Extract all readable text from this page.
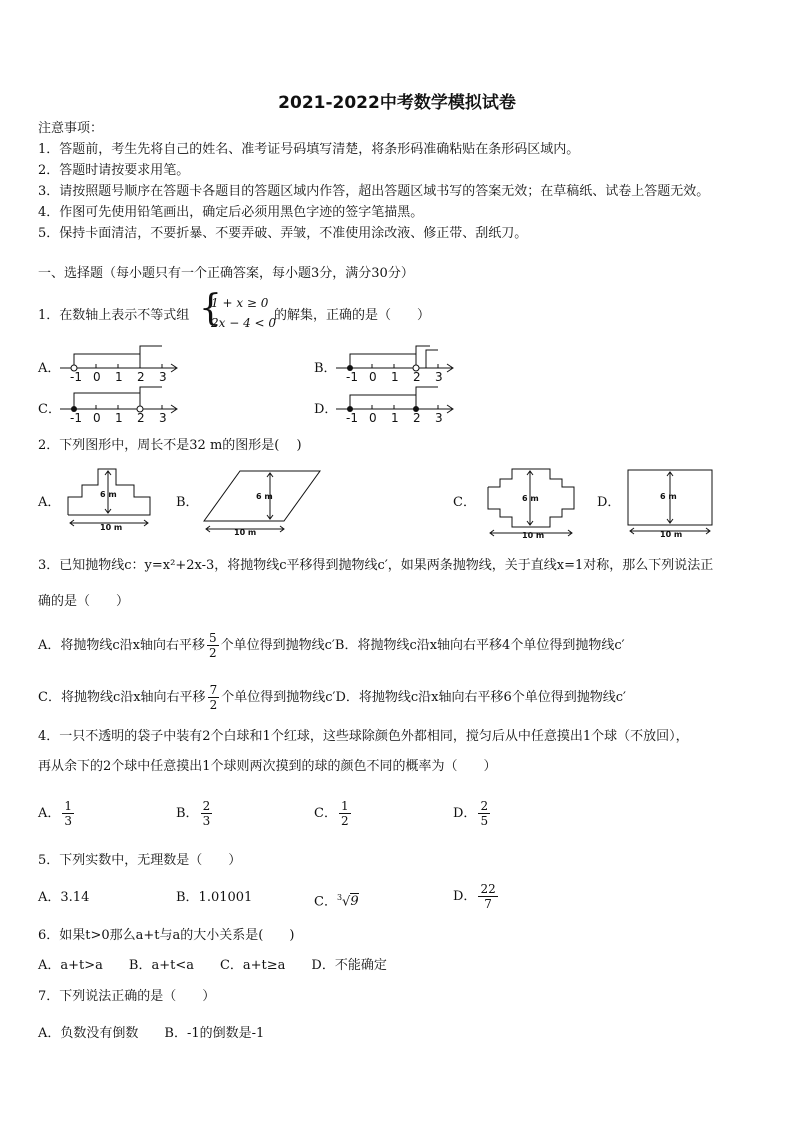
2021-2022中考数学模拟试卷
注意事项：
1．答题前，考生先将自己的姓名、准考证号码填写清楚，将条形码准确粘贴在条形码区域内。
2．答题时请按要求用笔。
3．请按照题号顺序在答题卡各题目的答题区域内作答，超出答题区域书写的答案无效；在草稿纸、试卷上答题无效。
4．作图可先使用铅笔画出，确定后必须用黑色字迹的签字笔描黑。
5．保持卡面清洁，不要折暴、不要弄破、弄皱，不准使用涂改液、修正带、刮纸刀。
一、选择题（每小题只有一个正确答案，每小题3分，满分30分）
1．在数轴上表示不等式组 {
1 + x ≥ 0
2x − 4 < 0
的解集，正确的是（　　）
A．	B．
C．	D．
-1 0 1 2 3	-1 0 1 2 3
-1 0 1 2 3	-1 0 1 2 3
2．下列图形中，周长不是32 m的图形是(　 )
A．
6 m
10 m
B．	6 m
10 m
C．	6 m
10 m
D．	6 m
10 m
3．已知抛物线c：y=x²+2x-3，将抛物线c平移得到抛物线c′，如果两条抛物线，关于直线x=1对称，那么下列说法正
确的是（　　）
A．将抛物线c沿x轴向右平移 $\frac{5}{2}$ 个单位得到抛物线c′B．将抛物线c沿x轴向右平移4个单位得到抛物线c′
C．将抛物线c沿x轴向右平移 $\frac{7}{2}$ 个单位得到抛物线c′D．将抛物线c沿x轴向右平移6个单位得到抛物线c′
4．一只不透明的袋子中装有2个白球和1个红球，这些球除颜色外都相同，搅匀后从中任意摸出1个球（不放回），
再从余下的2个球中任意摸出1个球则两次摸到的球的颜色不同的概率为（　　）
A． $\frac{1}{3}$	B． $\frac{2}{3}$	C． $\frac{1}{2}$	D． $\frac{2}{5}$
5．下列实数中，无理数是（　　）
A．3.14	B．1.01001	C．$^3$√9	D． $\frac{22}{7}$
6．如果t>0那么a+t与a的大小关系是(　　)
A．a+t>a　　B．a+t<a　　C．a+t≥a　　D．不能确定
7．下列说法正确的是（　　）
A．负数没有倒数　　B．-1的倒数是-1
